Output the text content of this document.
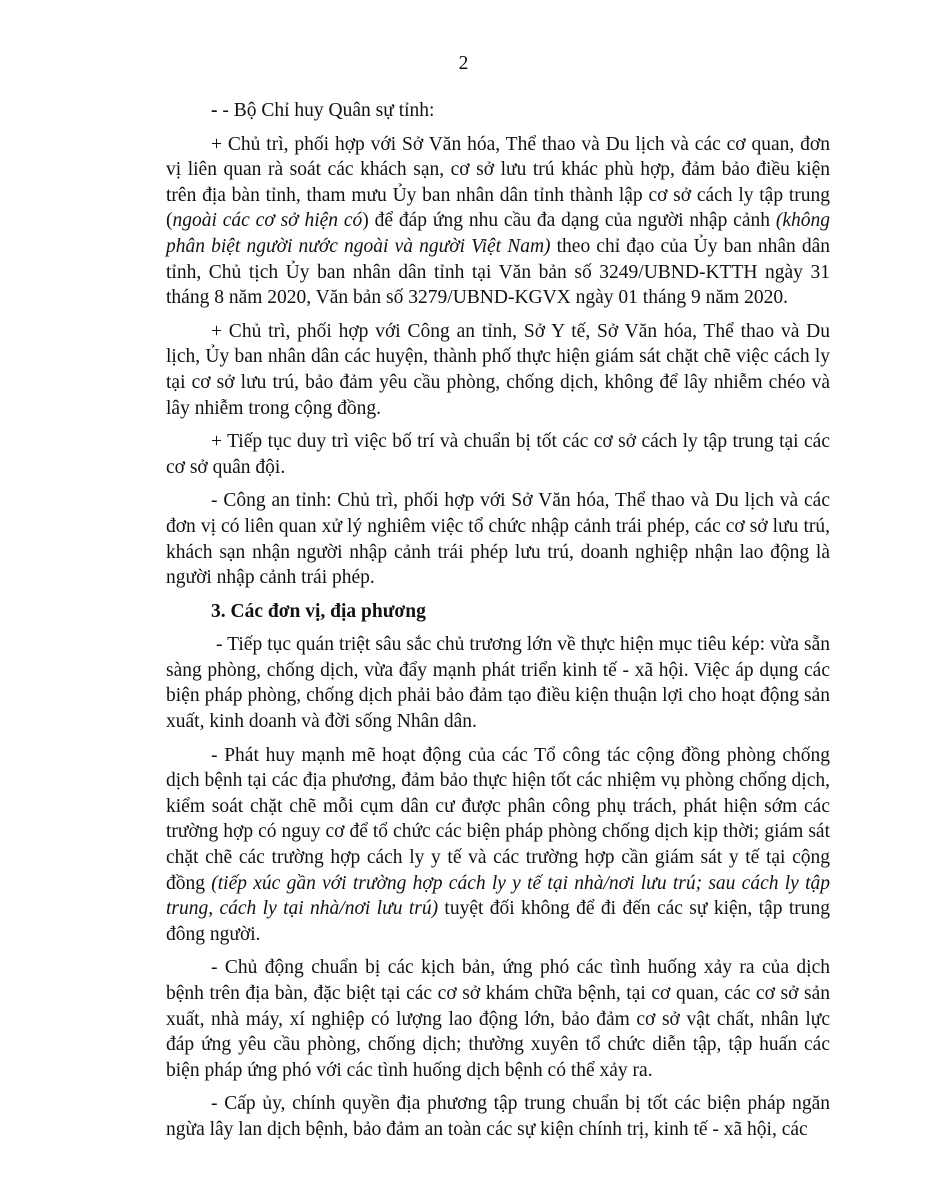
2

- - Bộ Chỉ huy Quân sự tỉnh:

+ Chủ trì, phối hợp với Sở Văn hóa, Thể thao và Du lịch và các cơ quan, đơn vị liên quan rà soát các khách sạn, cơ sở lưu trú khác phù hợp, đảm bảo điều kiện trên địa bàn tỉnh, tham mưu Ủy ban nhân dân tỉnh thành lập cơ sở cách ly tập trung (ngoài các cơ sở hiện có) để đáp ứng nhu cầu đa dạng của người nhập cảnh (không phân biệt người nước ngoài và người Việt Nam) theo chỉ đạo của Ủy ban nhân dân tỉnh, Chủ tịch Ủy ban nhân dân tỉnh tại Văn bản số 3249/UBND-KTTH ngày 31 tháng 8 năm 2020, Văn bản số 3279/UBND-KGVX ngày 01 tháng 9 năm 2020.

+ Chủ trì, phối hợp với Công an tỉnh, Sở Y tế, Sở Văn hóa, Thể thao và Du lịch, Ủy ban nhân dân các huyện, thành phố thực hiện giám sát chặt chẽ việc cách ly tại cơ sở lưu trú, bảo đảm yêu cầu phòng, chống dịch, không để lây nhiễm chéo và lây nhiễm trong cộng đồng.

+ Tiếp tục duy trì việc bố trí và chuẩn bị tốt các cơ sở cách ly tập trung tại các cơ sở quân đội.

- Công an tỉnh: Chủ trì, phối hợp với Sở Văn hóa, Thể thao và Du lịch và các đơn vị có liên quan xử lý nghiêm việc tổ chức nhập cảnh trái phép, các cơ sở lưu trú, khách sạn nhận người nhập cảnh trái phép lưu trú, doanh nghiệp nhận lao động là người nhập cảnh trái phép.

3. Các đơn vị, địa phương

- Tiếp tục quán triệt sâu sắc chủ trương lớn về thực hiện mục tiêu kép: vừa sẵn sàng phòng, chống dịch, vừa đẩy mạnh phát triển kinh tế - xã hội. Việc áp dụng các biện pháp phòng, chống dịch phải bảo đảm tạo điều kiện thuận lợi cho hoạt động sản xuất, kinh doanh và đời sống Nhân dân.

- Phát huy mạnh mẽ hoạt động của các Tổ công tác cộng đồng phòng chống dịch bệnh tại các địa phương, đảm bảo thực hiện tốt các nhiệm vụ phòng chống dịch, kiểm soát chặt chẽ mỗi cụm dân cư được phân công phụ trách, phát hiện sớm các trường hợp có nguy cơ để tổ chức các biện pháp phòng chống dịch kịp thời; giám sát chặt chẽ các trường hợp cách ly y tế và các trường hợp cần giám sát y tế tại cộng đồng (tiếp xúc gần với trường hợp cách ly y tế tại nhà/nơi lưu trú; sau cách ly tập trung, cách ly tại nhà/nơi lưu trú) tuyệt đối không để đi đến các sự kiện, tập trung đông người.

- Chủ động chuẩn bị các kịch bản, ứng phó các tình huống xảy ra của dịch bệnh trên địa bàn, đặc biệt tại các cơ sở khám chữa bệnh, tại cơ quan, các cơ sở sản xuất, nhà máy, xí nghiệp có lượng lao động lớn, bảo đảm cơ sở vật chất, nhân lực đáp ứng yêu cầu phòng, chống dịch; thường xuyên tổ chức diễn tập, tập huấn các biện pháp ứng phó với các tình huống dịch bệnh có thể xảy ra.

- Cấp ủy, chính quyền địa phương tập trung chuẩn bị tốt các biện pháp ngăn ngừa lây lan dịch bệnh, bảo đảm an toàn các sự kiện chính trị, kinh tế - xã hội, các
